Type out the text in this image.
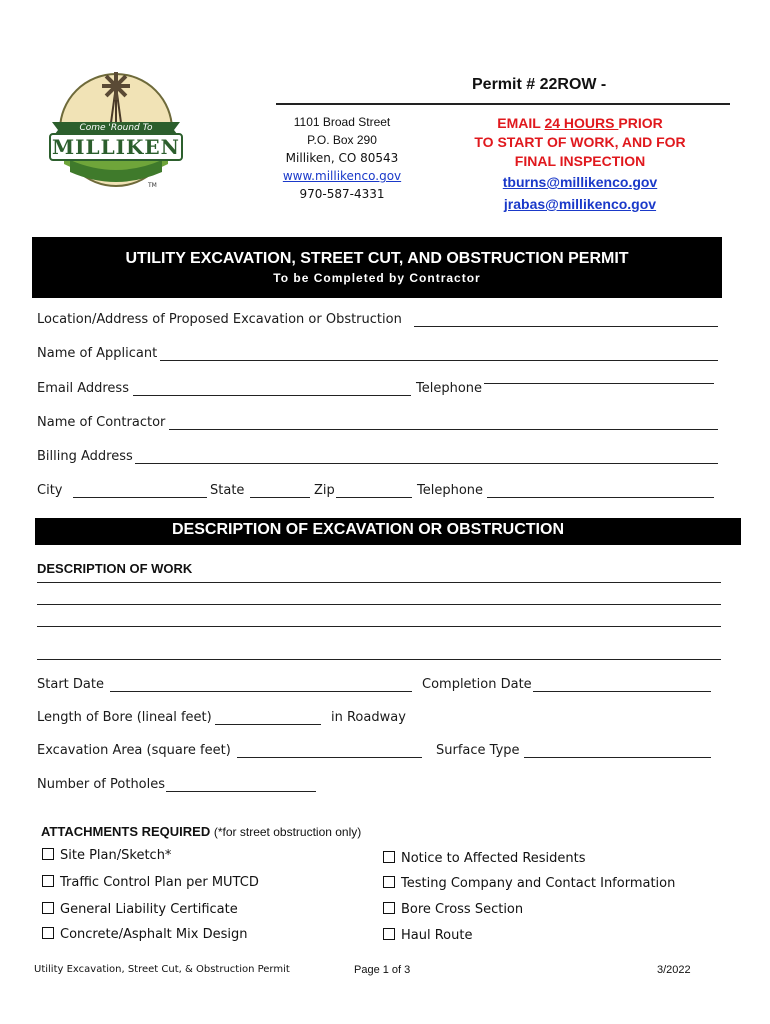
Come 'Round To
MILLIKEN
TM
Permit # 22ROW -
1101 Broad Street
P.O. Box 290
Milliken, CO 80543
www.millikenco.gov
970-587-4331
EMAIL 24 HOURS PRIOR
TO START OF WORK, AND FOR
FINAL INSPECTION
tburns@millikenco.gov
jrabas@millikenco.gov
UTILITY EXCAVATION, STREET CUT, AND OBSTRUCTION PERMIT
To be Completed by Contractor
Location/Address of Proposed Excavation or Obstruction
Name of Applicant
Email Address	Telephone
Name of Contractor
Billing Address
City	State	Zip	Telephone
DESCRIPTION OF EXCAVATION OR OBSTRUCTION
DESCRIPTION OF WORK
Start Date	Completion Date
Length of Bore (lineal feet)	in Roadway
Excavation Area (square feet)	Surface Type
Number of Potholes
ATTACHMENTS REQUIRED (*for street obstruction only)
Site Plan/Sketch*
Traffic Control Plan per MUTCD
General Liability Certificate
Concrete/Asphalt Mix Design
Notice to Affected Residents
Testing Company and Contact Information
Bore Cross Section
Haul Route
Utility Excavation, Street Cut, & Obstruction Permit	Page 1 of 3	3/2022
